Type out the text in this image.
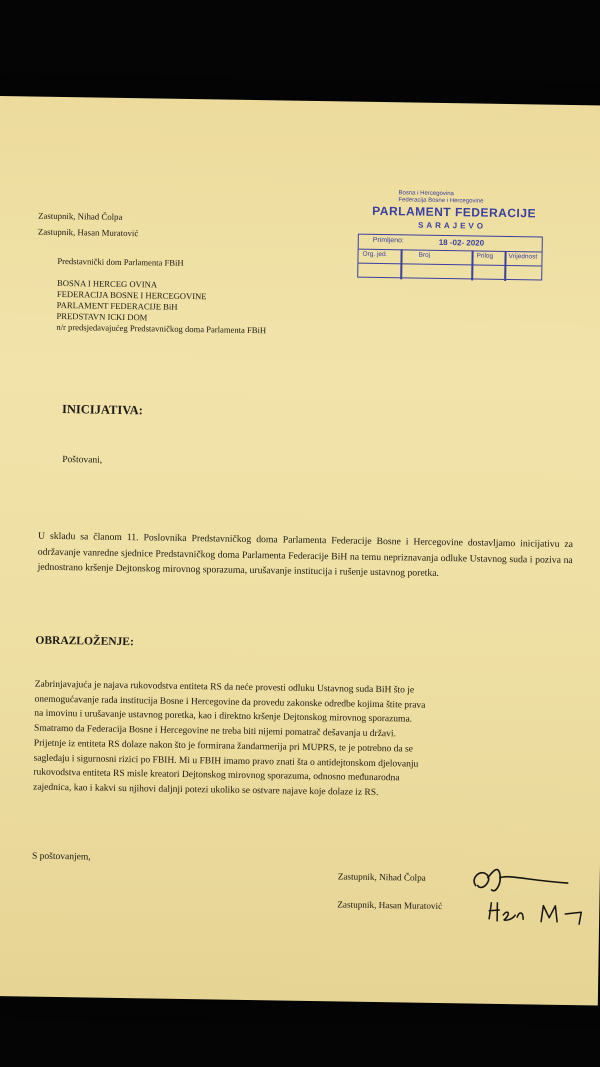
Zastupnik, Nihad Čolpa

Zastupnik, Hasan Muratović

Bosna i Hercegovina
Federacija Bosne i Hercegovine
PARLAMENT FEDERACIJE
SARAJEVO
Primljeno:	18 -02- 2020
Org. jed.	Broj	Prilog Vrijednost

Predstavnički dom Parlamenta FBiH

BOSNA I HERCEG OVINA
FEDERACIJA BOSNE I HERCEGOVINE
PARLAMENT FEDERACIJE BiH
PREDSTAVN ICKI DOM
n/r predsjedavajućeg Predstavničkog doma Parlamenta FBiH

INICIJATIVA:

Poštovani,

U skladu sa članom 11. Poslovnika Predstavničkog doma Parlamenta Federacije Bosne i Hercegovine dostavljamo inicijativu za održavanje vanredne sjednice Predstavničkog doma Parlamenta Federacije BiH na temu nepriznavanja odluke Ustavnog suda i poziva na jednostrano kršenje Dejtonskog mirovnog sporazuma, urušavanje institucija i rušenje ustavnog poretka.

OBRAZLOŽENJE:

Zabrinjavajuća je najava rukovodstva entiteta RS da neće provesti odluku Ustavnog suda BiH što je
onemogućavanje rada institucija Bosne i Hercegovine da provedu zakonske odredbe kojima štite prava
na imovinu i urušavanje ustavnog poretka, kao i direktno kršenje Dejtonskog mirovnog sporazuma.
Smatramo da Federacija Bosne i Hercegovine ne treba biti nijemi pomatrač dešavanja u državi.
Prijetnje iz entiteta RS dolaze nakon što je formirana žandarmerija pri MUPRS, te je potrebno da se
sagledaju i sigurnosni rizici po FBIH. Mi u FBIH imamo pravo znati šta o antidejtonskom djelovanju
rukovodstva entiteta RS misle kreatori Dejtonskog mirovnog sporazuma, odnosno međunarodna
zajednica, kao i kakvi su njihovi daljnji potezi ukoliko se ostvare najave koje dolaze iz RS.

S poštovanjem,

Zastupnik, Nihad Čolpa

Zastupnik, Hasan Muratović
